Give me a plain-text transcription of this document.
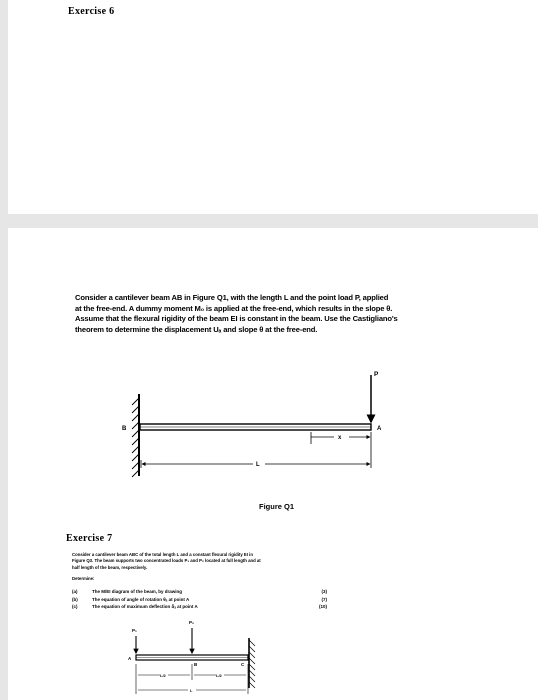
Exercise 6
Consider a cantilever beam AB in Figure Q1, with the length L and the point load P, applied
at the free-end. A dummy moment M₀ is applied at the free-end, which results in the slope θ.
Assume that the flexural rigidity of the beam EI is constant in the beam. Use the Castigliano's
theorem to determine the displacement Uₐ and slope θ at the free-end.
P
B	A
x
L
Figure Q1
Exercise 7
Consider a cantilever beam ABC of the total length L and a constant flexural rigidity EI in
Figure Q3. The beam supports two concentrated loads P₁ and P₂ located at full length and at
half length of the beam, respectively.
Determine:
(a)	The M/EI diagram of the beam, by drawing	(3)
(b)	The equation of angle of rotation θₐ at point A	(7)
(c)	The equation of maximum deflection δₐ at point A	(10)
P₁
P₂
A
B	C
L/2	L/2
L
